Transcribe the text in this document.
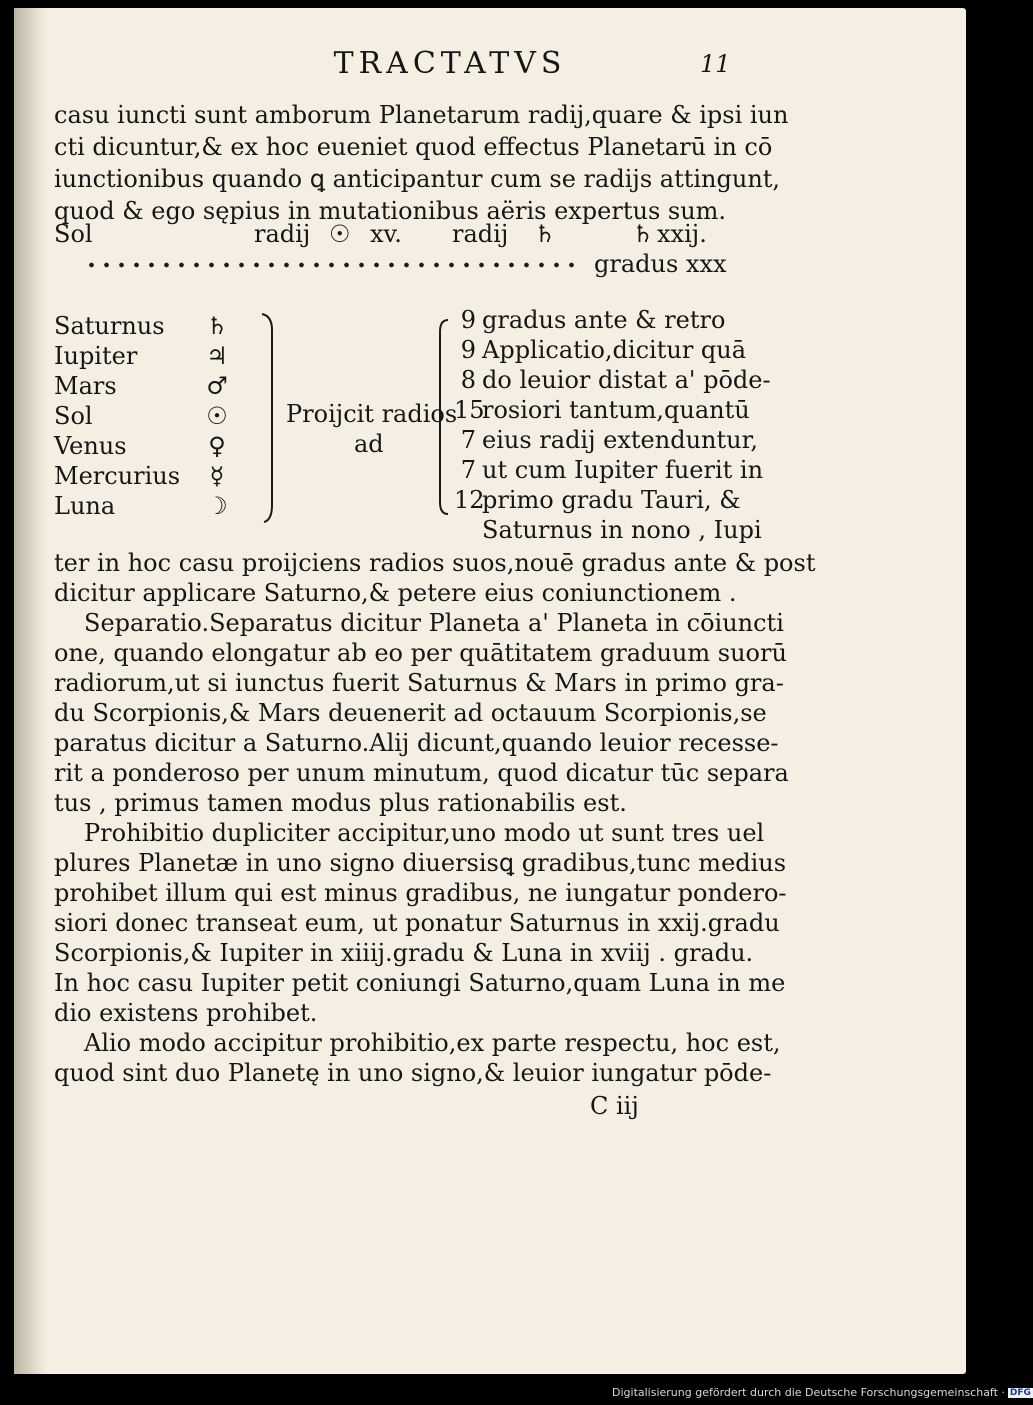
TRACTATVS	11
casu iuncti sunt amborum Planetarum radij,quare & ipsi iun
cti dicuntur,& ex hoc eueniet quod effectus Planetarū in cō
iunctionibus quando ꝗ anticipantur cum se radijs attingunt,
quod & ego sępius in mutationibus aëris expertus sum.
Sol	radij ☉ xv. radij ♄	♄ xxij.
gradus xxx
Saturnus	♄
Iupiter	♃
Mars	♂
Sol	☉
Venus	♀
Mercurius	☿
Luna	☽
Proijcit radios
ad
9 gradus ante & retro
9 Applicatio,dicitur quā
8 do leuior distat a' pōde-
15rosiori tantum,quantū
7 eius radij extenduntur,
7 ut cum Iupiter fuerit in
12primo gradu Tauri, &
Saturnus in nono , Iupi
ter in hoc casu proijciens radios suos,nouē gradus ante & post
dicitur applicare Saturno,& petere eius coniunctionem .
Separatio.Separatus dicitur Planeta a' Planeta in cōiuncti
one, quando elongatur ab eo per quātitatem graduum suorū
radiorum,ut si iunctus fuerit Saturnus & Mars in primo gra-
du Scorpionis,& Mars deuenerit ad octauum Scorpionis,se
paratus dicitur a Saturno.Alij dicunt,quando leuior recesse-
rit a ponderoso per unum minutum, quod dicatur tūc separa
tus , primus tamen modus plus rationabilis est.
Prohibitio dupliciter accipitur,uno modo ut sunt tres uel
plures Planetæ in uno signo diuersisꝗ gradibus,tunc medius
prohibet illum qui est minus gradibus, ne iungatur pondero-
siori donec transeat eum, ut ponatur Saturnus in xxij.gradu
Scorpionis,& Iupiter in xiiij.gradu & Luna in xviij . gradu.
In hoc casu Iupiter petit coniungi Saturno,quam Luna in me
dio existens prohibet.
Alio modo accipitur prohibitio,ex parte respectu, hoc est,
quod sint duo Planetę in uno signo,& leuior iungatur pōde-
C iij
Digitalisierung gefördert durch die Deutsche Forschungsgemeinschaft · DFG
